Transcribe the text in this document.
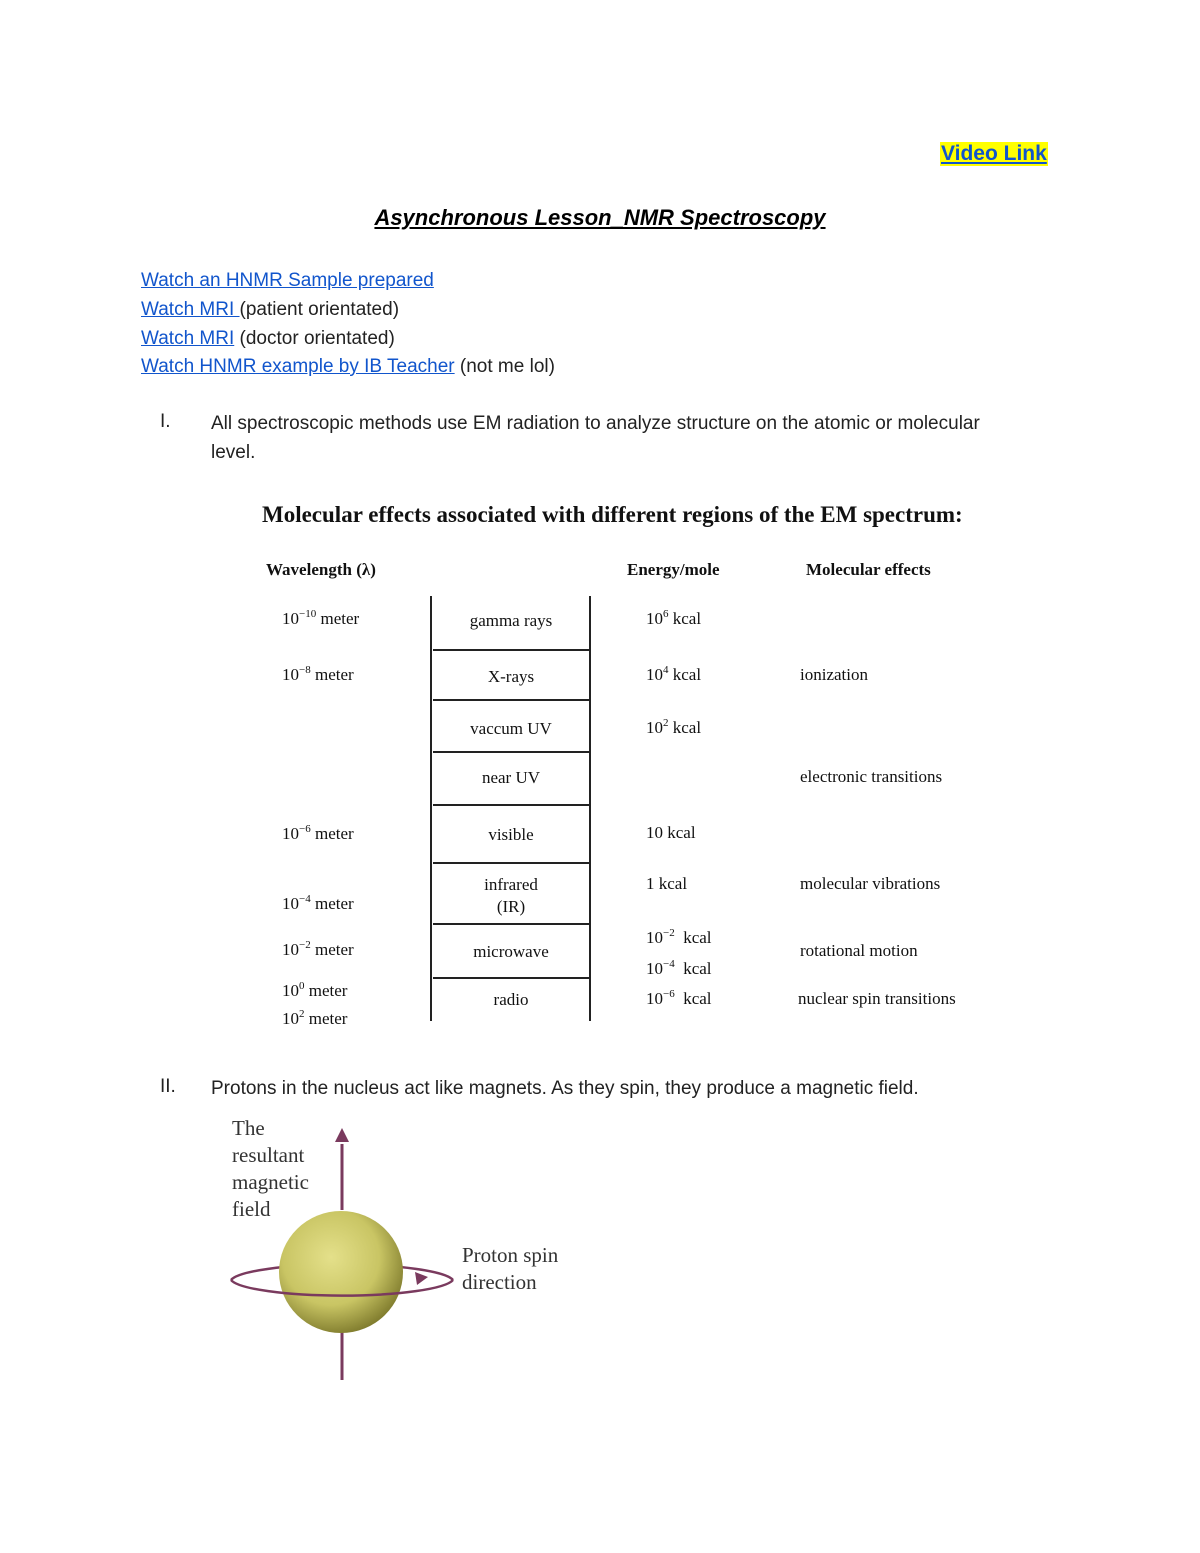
Video Link
Asynchronous Lesson_NMR Spectroscopy
Watch an HNMR Sample prepared
Watch MRI (patient orientated)
Watch MRI (doctor orientated)
Watch HNMR example by IB Teacher (not me lol)
I. All spectroscopic methods use EM radiation to analyze structure on the atomic or molecular level.
Molecular effects associated with different regions of the EM spectrum:
Wavelength (λ)	Energy/mole	Molecular effects
$10^{-10}$ meter
$10^{-8}$ meter
$10^{-6}$ meter
$10^{-4}$ meter
$10^{-2}$ meter
$10^0$ meter
$10^2$ meter
gamma rays
X-rays
vaccum UV
near UV
visible
infrared
(IR)
microwave
radio
$10^6$ kcal
$10^4$ kcal
$10^2$ kcal
10 kcal
1 kcal
$10^{-2}$  kcal
$10^{-4}$  kcal
$10^{-6}$  kcal
ionization
electronic transitions
molecular vibrations
rotational motion
nuclear spin transitions
II. Protons in the nucleus act like magnets. As they spin, they produce a magnetic field.
The
resultant
magnetic
field
Proton spin
direction
